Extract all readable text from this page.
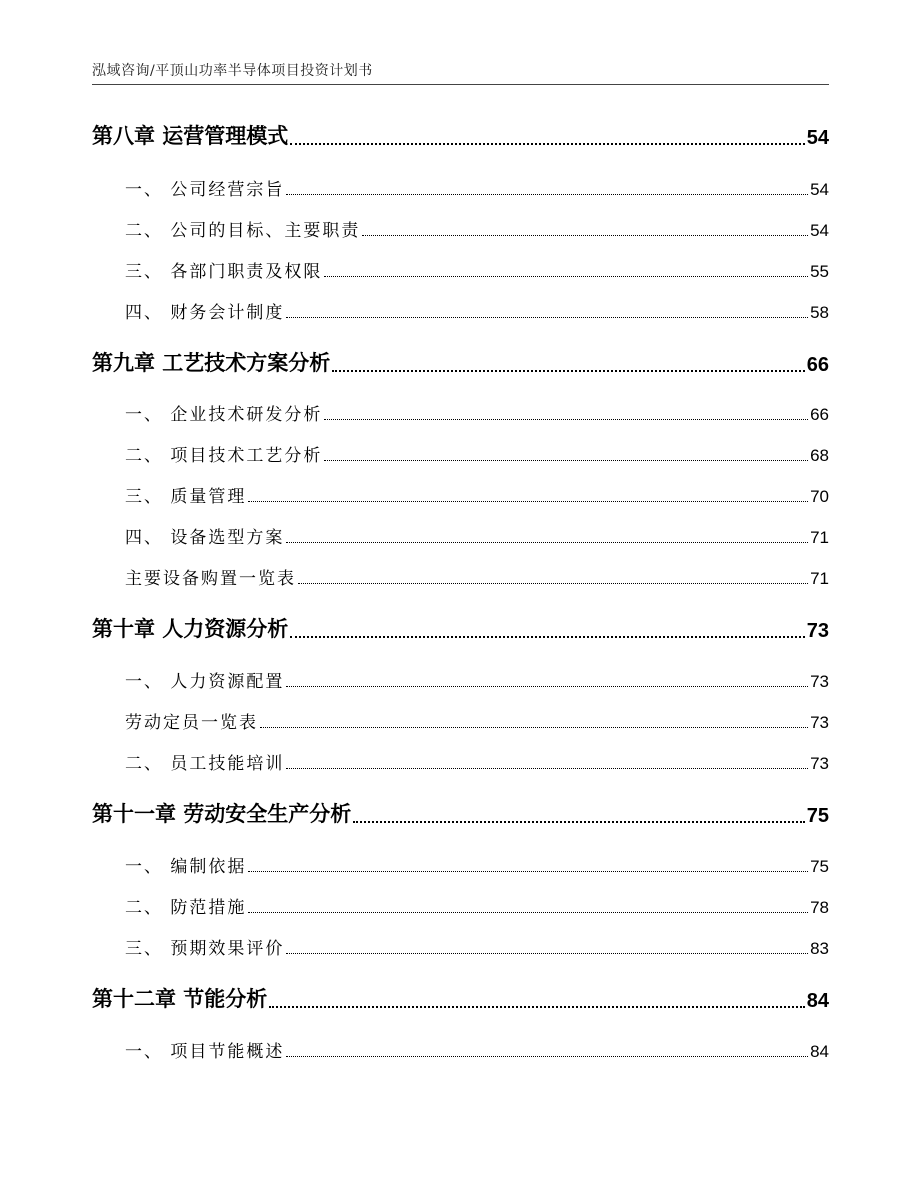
泓域咨询/平顶山功率半导体项目投资计划书
第八章 运营管理模式	54
一、 公司经营宗旨	54
二、 公司的目标、主要职责	54
三、 各部门职责及权限	55
四、 财务会计制度	58
第九章 工艺技术方案分析	66
一、 企业技术研发分析	66
二、 项目技术工艺分析	68
三、 质量管理	70
四、 设备选型方案	71
主要设备购置一览表	71
第十章 人力资源分析	73
一、 人力资源配置	73
劳动定员一览表	73
二、 员工技能培训	73
第十一章 劳动安全生产分析	75
一、 编制依据	75
二、 防范措施	78
三、 预期效果评价	83
第十二章 节能分析	84
一、 项目节能概述	84
